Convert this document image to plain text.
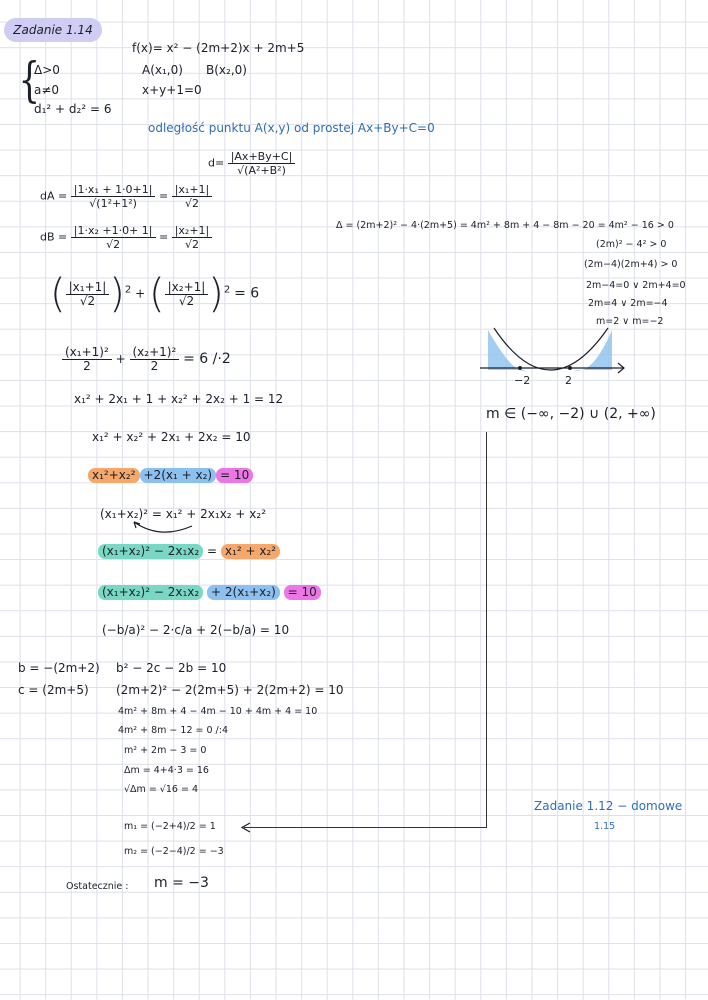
Zadanie 1.14
f(x)= x² − (2m+2)x + 2m+5
A(x₁,0) B(x₂,0)
x+y+1=0
{
Δ>0
a≠0
d₁² + d₂² = 6
odległość punktu A(x,y) od prostej Ax+By+C=0
$d= \frac{|Ax+By+C|}{\text{√(A²+B²)}}$
dA = $\frac{\text{|1·x₁ + 1·0+1|}}{\text{√(1²+1²)}} = \frac{\text{|x₁+1|}}{√2}$
dB = $\frac{\text{|1·x₂ +1·0+ 1|}}{√2} = \frac{\text{|x₂+1|}}{√2}$
( $\frac{\text{|x₁+1|}}{√2} )^2$ + ( $\frac{\text{|x₂+1|}}{√2} )^2 = 6$
$\frac{\text{(x₁+1)²}}{2} + \frac{\text{(x₂+1)²}}{2} = 6$ /·2
x₁² + 2x₁ + 1 + x₂² + 2x₂ + 1 = 12
x₁² + x₂² + 2x₁ + 2x₂ = 10
x₁²+x₂² +2(x₁ + x₂) = 10
(x₁+x₂)² = x₁² + 2x₁x₂ + x₂²
(x₁+x₂)² − 2x₁x₂ = x₁² + x₂²
(x₁+x₂)² − 2x₁x₂ + 2(x₁+x₂) = 10
(−b/a)² − 2·c/a + 2(−b/a) = 10
b = −(2m+2)
c = (2m+5)
b² − 2c − 2b = 10
(2m+2)² − 2(2m+5) + 2(2m+2) = 10
4m² + 8m + 4 − 4m − 10 + 4m + 4 = 10
4m² + 8m − 12 = 0 /:4
m² + 2m − 3 = 0
Δm = 4+4·3 = 16
√Δm = √16 = 4
m₁ = (−2+4)/2 = 1
m₂ = (−2−4)/2 = −3
Ostatecznie : m = −3
Δ = (2m+2)² − 4·(2m+5) = 4m² + 8m + 4 − 8m − 20 = 4m² − 16 > 0
(2m)² − 4² > 0
(2m−4)(2m+4) > 0
2m−4=0 ∨ 2m+4=0
2m=4 ∨ 2m=−4
m=2 ∨ m=−2
−2	2
m ∈ (−∞, −2) ∪ (2, +∞)
Zadanie 1.12 − domowe
1.15
